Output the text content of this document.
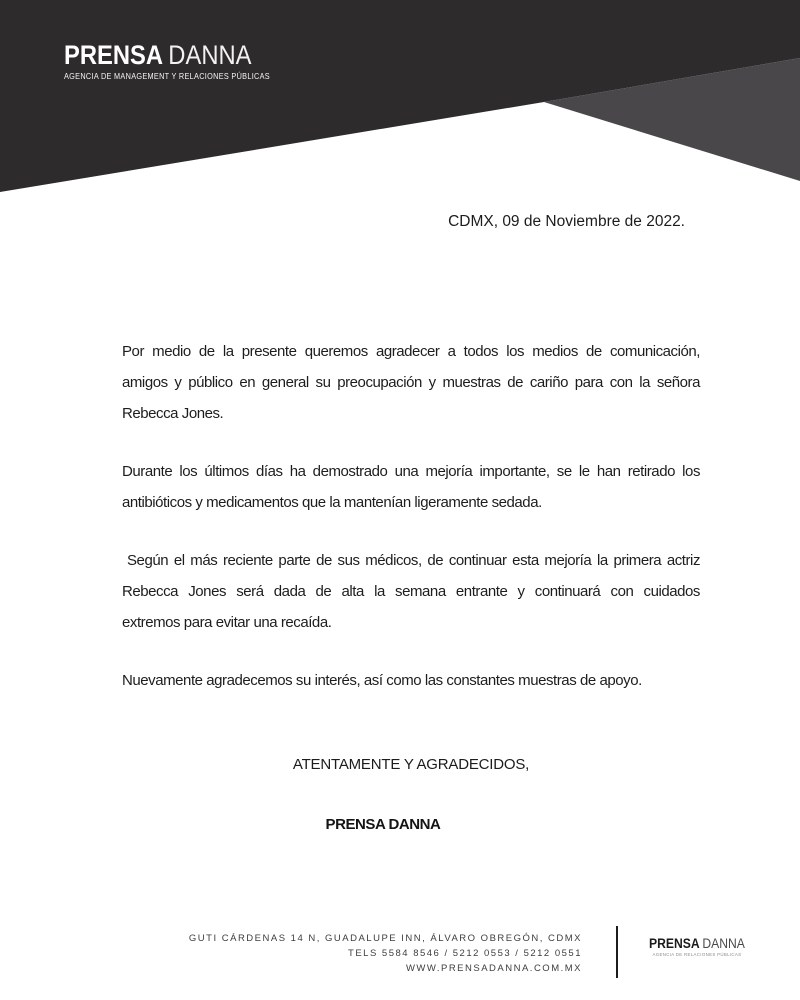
PRENSA DANNA
AGENCIA DE MANAGEMENT Y RELACIONES PÚBLICAS
CDMX, 09 de Noviembre de 2022.
Por medio de la presente queremos agradecer a todos los medios de comunicación,
amigos y público en general su preocupación y muestras de cariño para con la señora
Rebecca Jones.
Durante los últimos días ha demostrado una mejoría importante, se le han retirado los
antibióticos y medicamentos que la mantenían ligeramente sedada.
Según el más reciente parte de sus médicos, de continuar esta mejoría la primera actriz
Rebecca Jones será dada de alta la semana entrante y continuará con cuidados
extremos para evitar una recaída.
Nuevamente agradecemos su interés, así como las constantes muestras de apoyo.
ATENTAMENTE Y AGRADECIDOS,
PRENSA DANNA
GUTI CÁRDENAS 14 N, GUADALUPE INN, ÁLVARO OBREGÓN, CDMX
TELS 5584 8546 / 5212 0553 / 5212 0551
WWW.PRENSADANNA.COM.MX
PRENSA DANNA
AGENCIA DE RELACIONES PÚBLICAS
